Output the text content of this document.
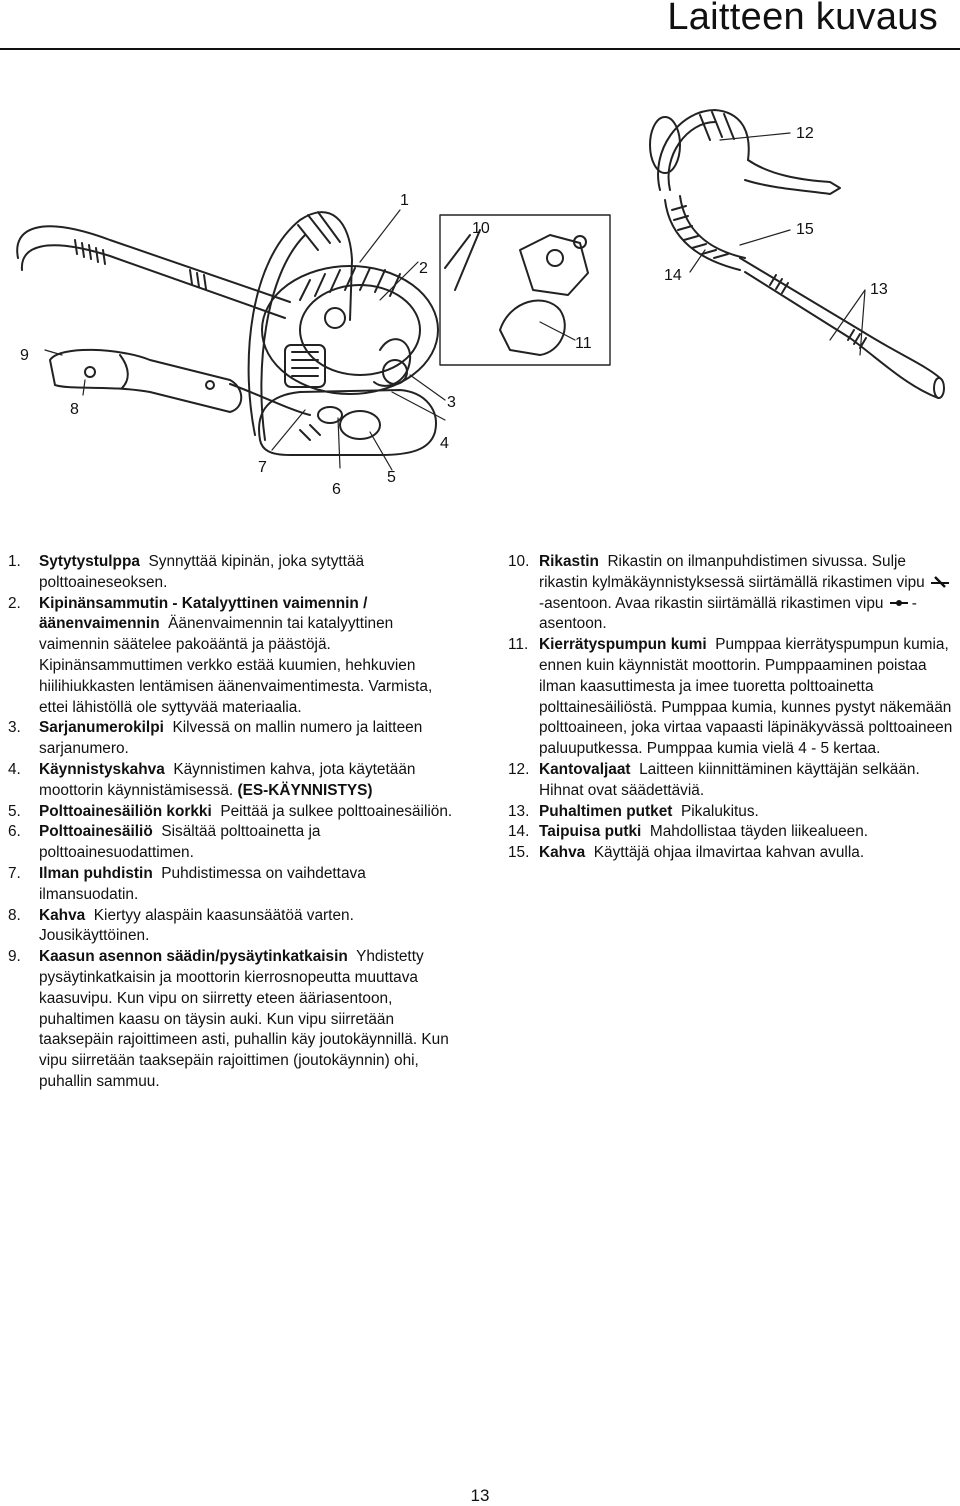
Laitteen kuvaus
1
2
3
4
5
6
7
8
9
10
11
12
13
14
15
1. Sytytystulppa Synnyttää kipinän, joka sytyttää polttoaineseoksen.
2. Kipinänsammutin - Katalyyttinen vaimennin / äänenvaimennin Äänenvaimennin tai katalyyttinen vaimennin säätelee pakoääntä ja päästöjä.

Kipinänsammuttimen verkko estää kuumien, hehkuvien hiilihiukkasten lentämisen äänenvaimentimesta. Varmista, ettei lähistöllä ole syttyvää materiaalia.

3. Sarjanumerokilpi Kilvessä on mallin numero ja laitteen sarjanumero.
4. Käynnistyskahva Käynnistimen kahva, jota käytetään moottorin käynnistämisessä. (ES-KÄYNNISTYS)
5. Polttoainesäiliön korkki Peittää ja sulkee polttoainesäiliön.
6. Polttoainesäiliö Sisältää polttoainetta ja polttoainesuodattimen.
7. Ilman puhdistin Puhdistimessa on vaihdettava ilmansuodatin.
8. Kahva Kiertyy alaspäin kaasunsäätöä varten. Jousikäyttöinen.
9. Kaasun asennon säädin/pysäytinkatkaisin Yhdistetty pysäytinkatkaisin ja moottorin kierrosnopeutta muuttava kaasuvipu. Kun vipu on siirretty eteen ääriasentoon, puhaltimen kaasu on täysin auki. Kun vipu siirretään taaksepäin rajoittimeen asti, puhallin käy joutokäynnillä. Kun vipu siirretään taaksepäin rajoittimen (joutokäynnin) ohi, puhallin sammuu.
10. Rikastin Rikastin on ilmanpuhdistimen sivussa. Sulje rikastin kylmäkäynnistyksessä siirtämällä rikastimen vipu -asentoon. Avaa rikastin siirtämällä rikastimen vipu -asentoon.
11. Kierrätyspumpun kumi Pumppaa kierrätyspumpun kumia, ennen kuin käynnistät moottorin. Pumppaaminen poistaa ilman kaasuttimesta ja imee tuoretta polttoainetta polttainesäiliöstä. Pumppaa kumia, kunnes pystyt näkemään polttoaineen, joka virtaa vapaasti läpinäkyvässä polttoaineen paluuputkessa. Pumppaa kumia vielä 4 - 5 kertaa.
12. Kantovaljaat Laitteen kiinnittäminen käyttäjän selkään. Hihnat ovat säädettäviä.
13. Puhaltimen putket Pikalukitus.
14. Taipuisa putki Mahdollistaa täyden liikealueen.
15. Kahva Käyttäjä ohjaa ilmavirtaa kahvan avulla.
13
